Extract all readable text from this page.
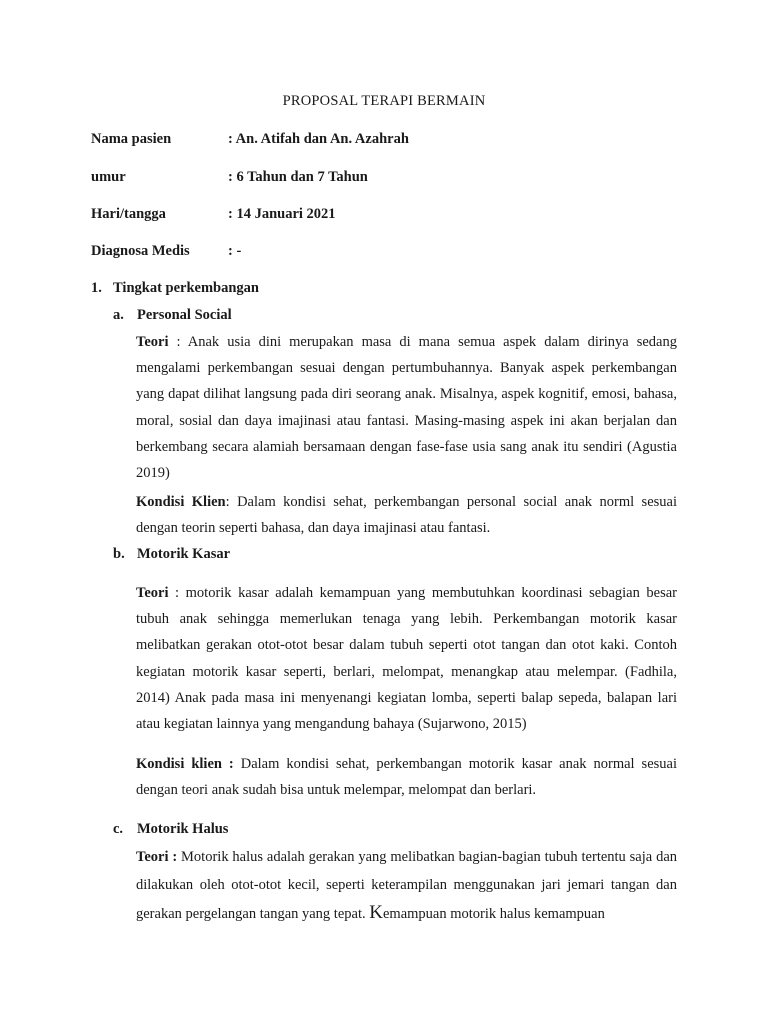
PROPOSAL TERAPI BERMAIN
Nama pasien	: An. Atifah dan An. Azahrah
umur	: 6 Tahun dan 7 Tahun
Hari/tangga	: 14 Januari 2021
Diagnosa Medis	: -
1. Tingkat perkembangan
a. Personal Social
Teori : Anak usia dini merupakan masa di mana semua aspek dalam dirinya sedang mengalami perkembangan sesuai dengan pertumbuhannya. Banyak aspek perkembangan yang dapat dilihat langsung pada diri seorang anak. Misalnya, aspek kognitif, emosi, bahasa, moral, sosial dan daya imajinasi atau fantasi. Masing-masing aspek ini akan berjalan dan berkembang secara alamiah bersamaan dengan fase-fase usia sang anak itu sendiri (Agustia 2019)
Kondisi Klien: Dalam kondisi sehat, perkembangan personal social anak norml sesuai dengan teorin seperti bahasa, dan daya imajinasi atau fantasi.
b. Motorik Kasar
Teori : motorik kasar adalah kemampuan yang membutuhkan koordinasi sebagian besar tubuh anak sehingga memerlukan tenaga yang lebih. Perkembangan motorik kasar melibatkan gerakan otot-otot besar dalam tubuh seperti otot tangan dan otot kaki. Contoh kegiatan motorik kasar seperti, berlari, melompat, menangkap atau melempar. (Fadhila, 2014) Anak pada masa ini menyenangi kegiatan lomba, seperti balap sepeda, balapan lari atau kegiatan lainnya yang mengandung bahaya (Sujarwono, 2015)
Kondisi klien : Dalam kondisi sehat, perkembangan motorik kasar anak normal sesuai dengan teori anak sudah bisa untuk melempar, melompat dan berlari.
c. Motorik Halus
Teori : Motorik halus adalah gerakan yang melibatkan bagian-bagian tubuh tertentu saja dan dilakukan oleh otot-otot kecil, seperti keterampilan menggunakan jari jemari tangan dan gerakan pergelangan tangan yang tepat. Kemampuan motorik halus kemampuan
